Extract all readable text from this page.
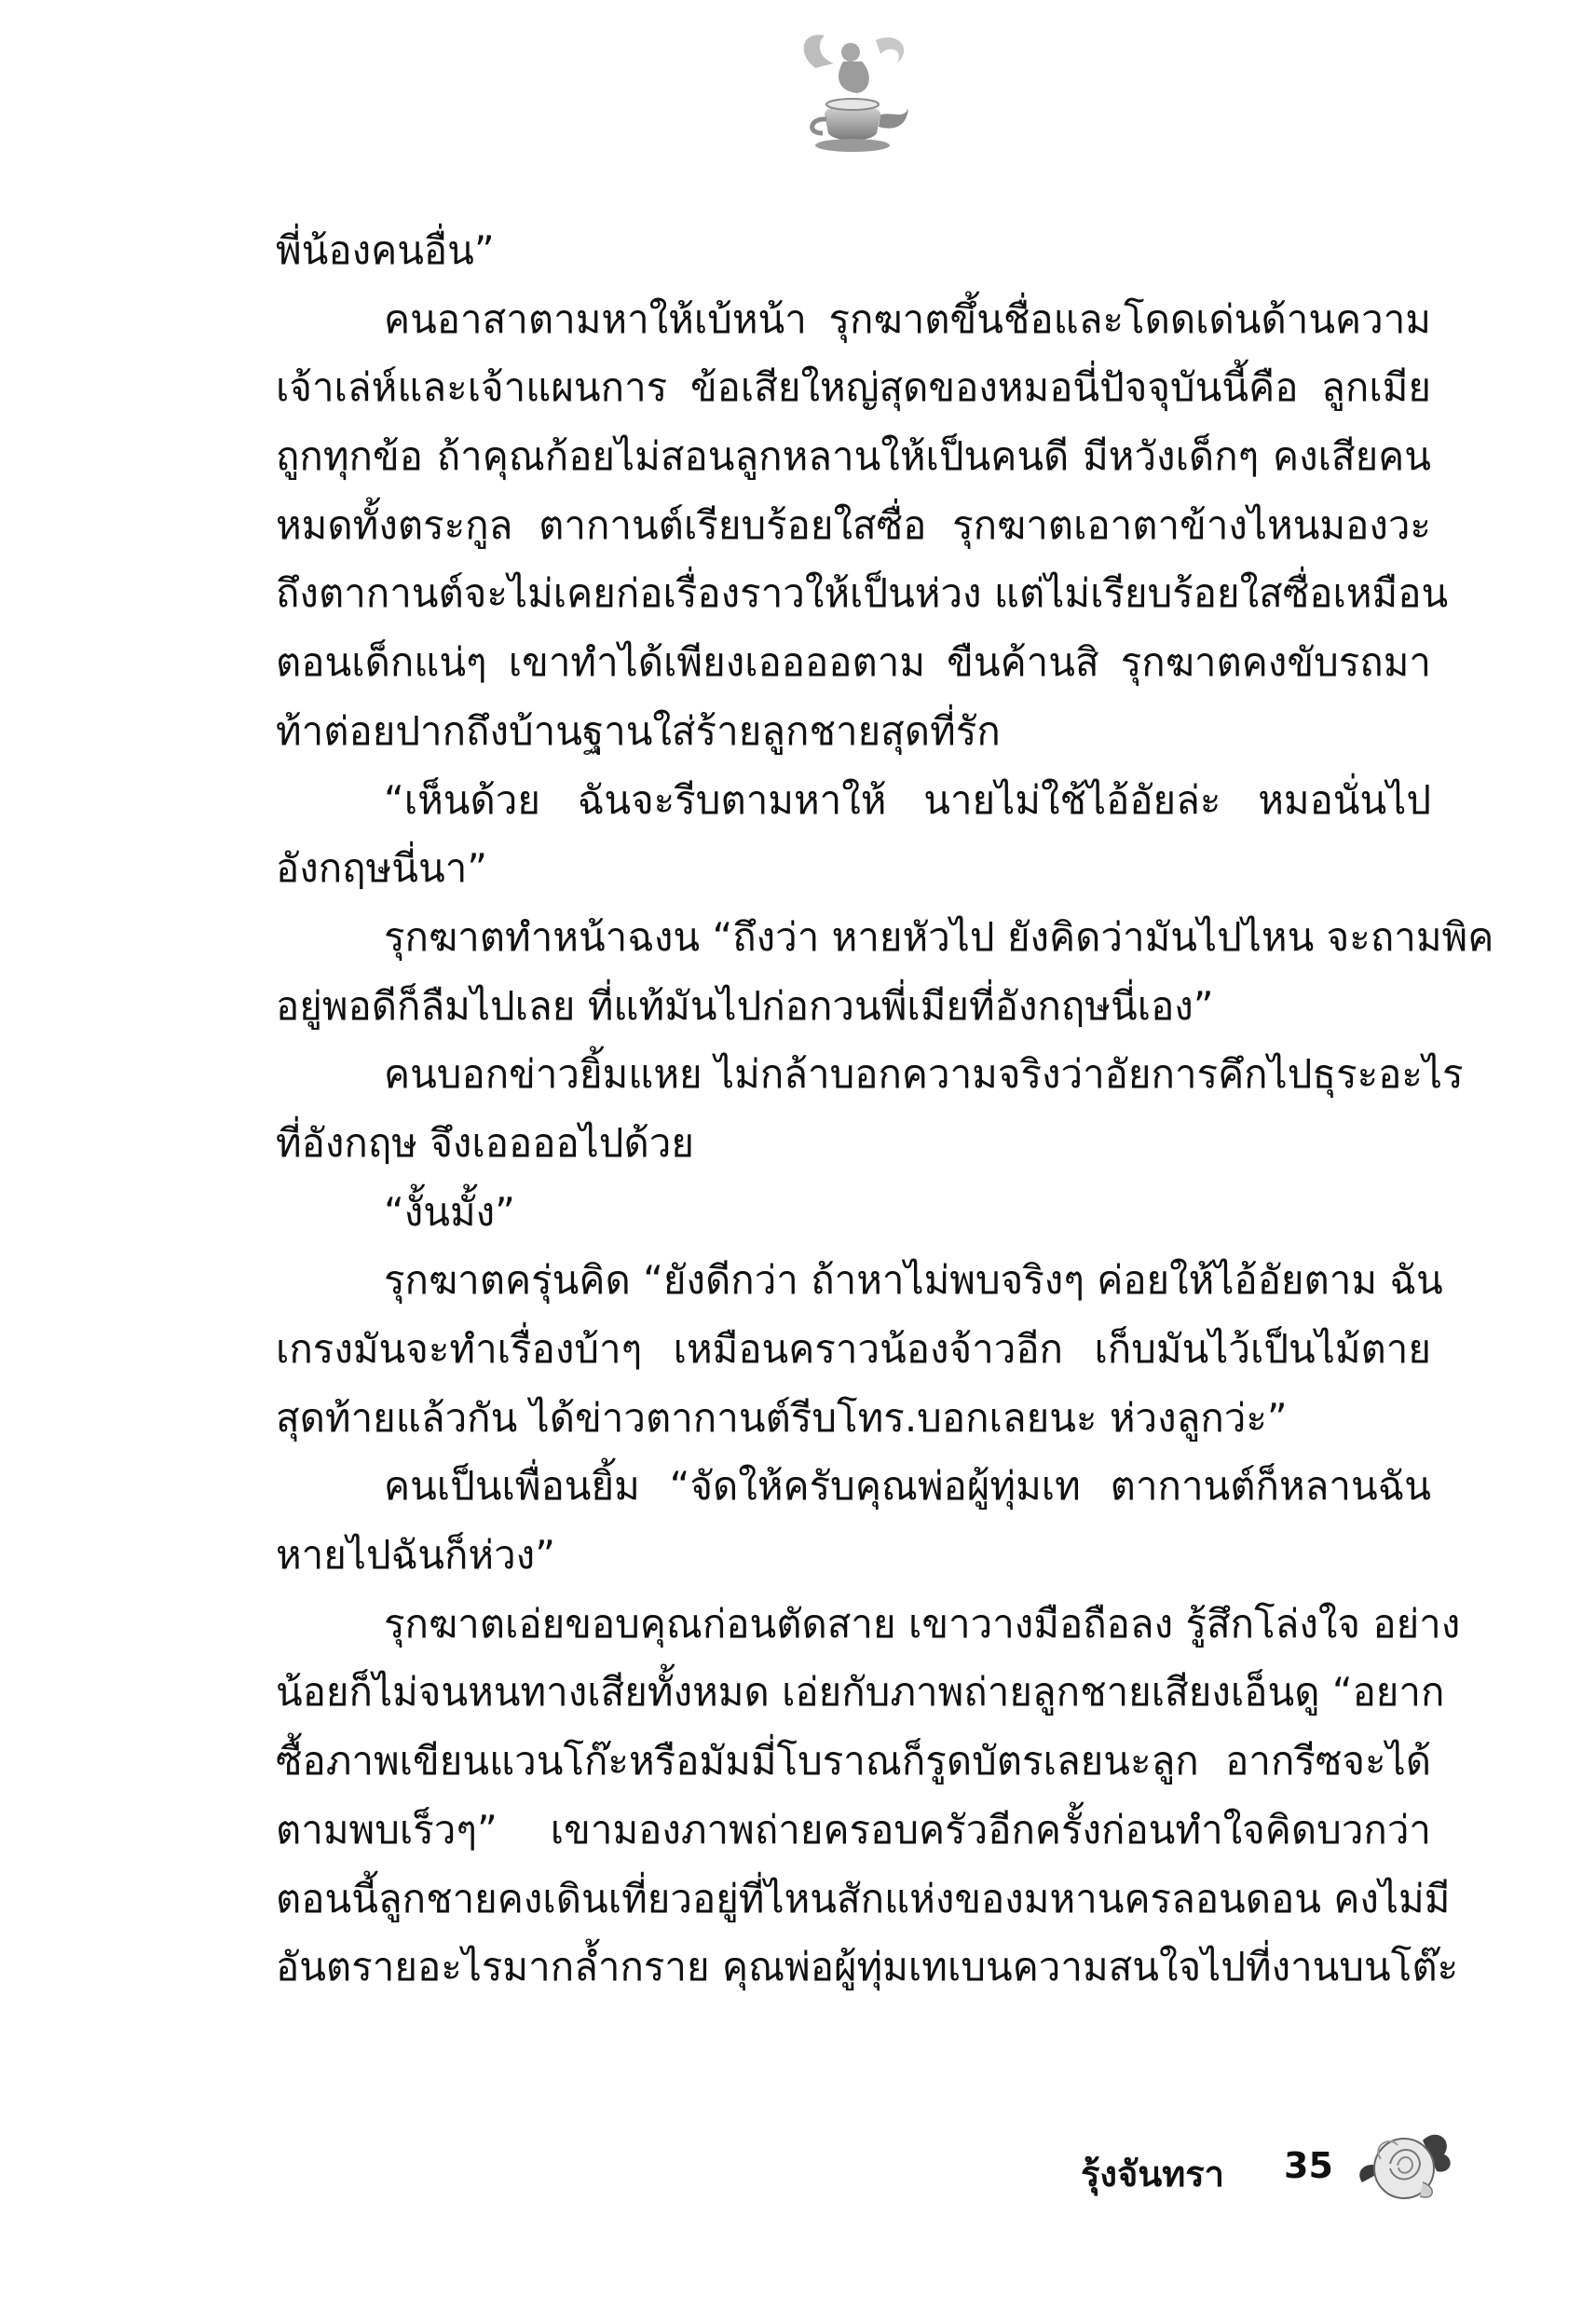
พี่น้องคนอื่น”
คนอาสาตามหาให้เบ้หน้า รุกฆาตขึ้นชื่อและโดดเด่นด้านความ
เจ้าเล่ห์และเจ้าแผนการ ข้อเสียใหญ่สุดของหมอนี่ปัจจุบันนี้คือ ลูกเมีย
ถูกทุกข้อ ถ้าคุณก้อยไม่สอนลูกหลานให้เป็นคนดี มีหวังเด็กๆ คงเสียคน
หมดทั้งตระกูล ตากานต์เรียบร้อยใสซื่อ รุกฆาตเอาตาข้างไหนมองวะ
ถึงตากานต์จะไม่เคยก่อเรื่องราวให้เป็นห่วง แต่ไม่เรียบร้อยใสซื่อเหมือน
ตอนเด็กแน่ๆ เขาทำได้เพียงเออออตาม ขืนค้านสิ รุกฆาตคงขับรถมา
ท้าต่อยปากถึงบ้านฐานใส่ร้ายลูกชายสุดที่รัก
“เห็นด้วย ฉันจะรีบตามหาให้ นายไม่ใช้ไอ้อัยล่ะ หมอนั่นไป
อังกฤษนี่นา”
รุกฆาตทำหน้าฉงน “ถึงว่า หายหัวไป ยังคิดว่ามันไปไหน จะถามพิค
อยู่พอดีก็ลืมไปเลย ที่แท้มันไปก่อกวนพี่เมียที่อังกฤษนี่เอง”
คนบอกข่าวยิ้มแหย ไม่กล้าบอกความจริงว่าอัยการคึกไปธุระอะไร
ที่อังกฤษ จึงเออออไปด้วย
“งั้นมั้ง”
รุกฆาตครุ่นคิด “ยังดีกว่า ถ้าหาไม่พบจริงๆ ค่อยให้ไอ้อัยตาม ฉัน
เกรงมันจะทำเรื่องบ้าๆ เหมือนคราวน้องจ้าวอีก เก็บมันไว้เป็นไม้ตาย
สุดท้ายแล้วกัน ได้ข่าวตากานต์รีบโทร.บอกเลยนะ ห่วงลูกว่ะ”
คนเป็นเพื่อนยิ้ม “จัดให้ครับคุณพ่อผู้ทุ่มเท ตากานต์ก็หลานฉัน
หายไปฉันก็ห่วง”
รุกฆาตเอ่ยขอบคุณก่อนตัดสาย เขาวางมือถือลง รู้สึกโล่งใจ อย่าง
น้อยก็ไม่จนหนทางเสียทั้งหมด เอ่ยกับภาพถ่ายลูกชายเสียงเอ็นดู “อยาก
ซื้อภาพเขียนแวนโก๊ะหรือมัมมี่โบราณก็รูดบัตรเลยนะลูก อากรีซจะได้
ตามพบเร็วๆ” เขามองภาพถ่ายครอบครัวอีกครั้งก่อนทำใจคิดบวกว่า
ตอนนี้ลูกชายคงเดินเที่ยวอยู่ที่ไหนสักแห่งของมหานครลอนดอน คงไม่มี
อันตรายอะไรมากล้ำกราย คุณพ่อผู้ทุ่มเทเบนความสนใจไปที่งานบนโต๊ะ
รุ้งจันทรา 35
